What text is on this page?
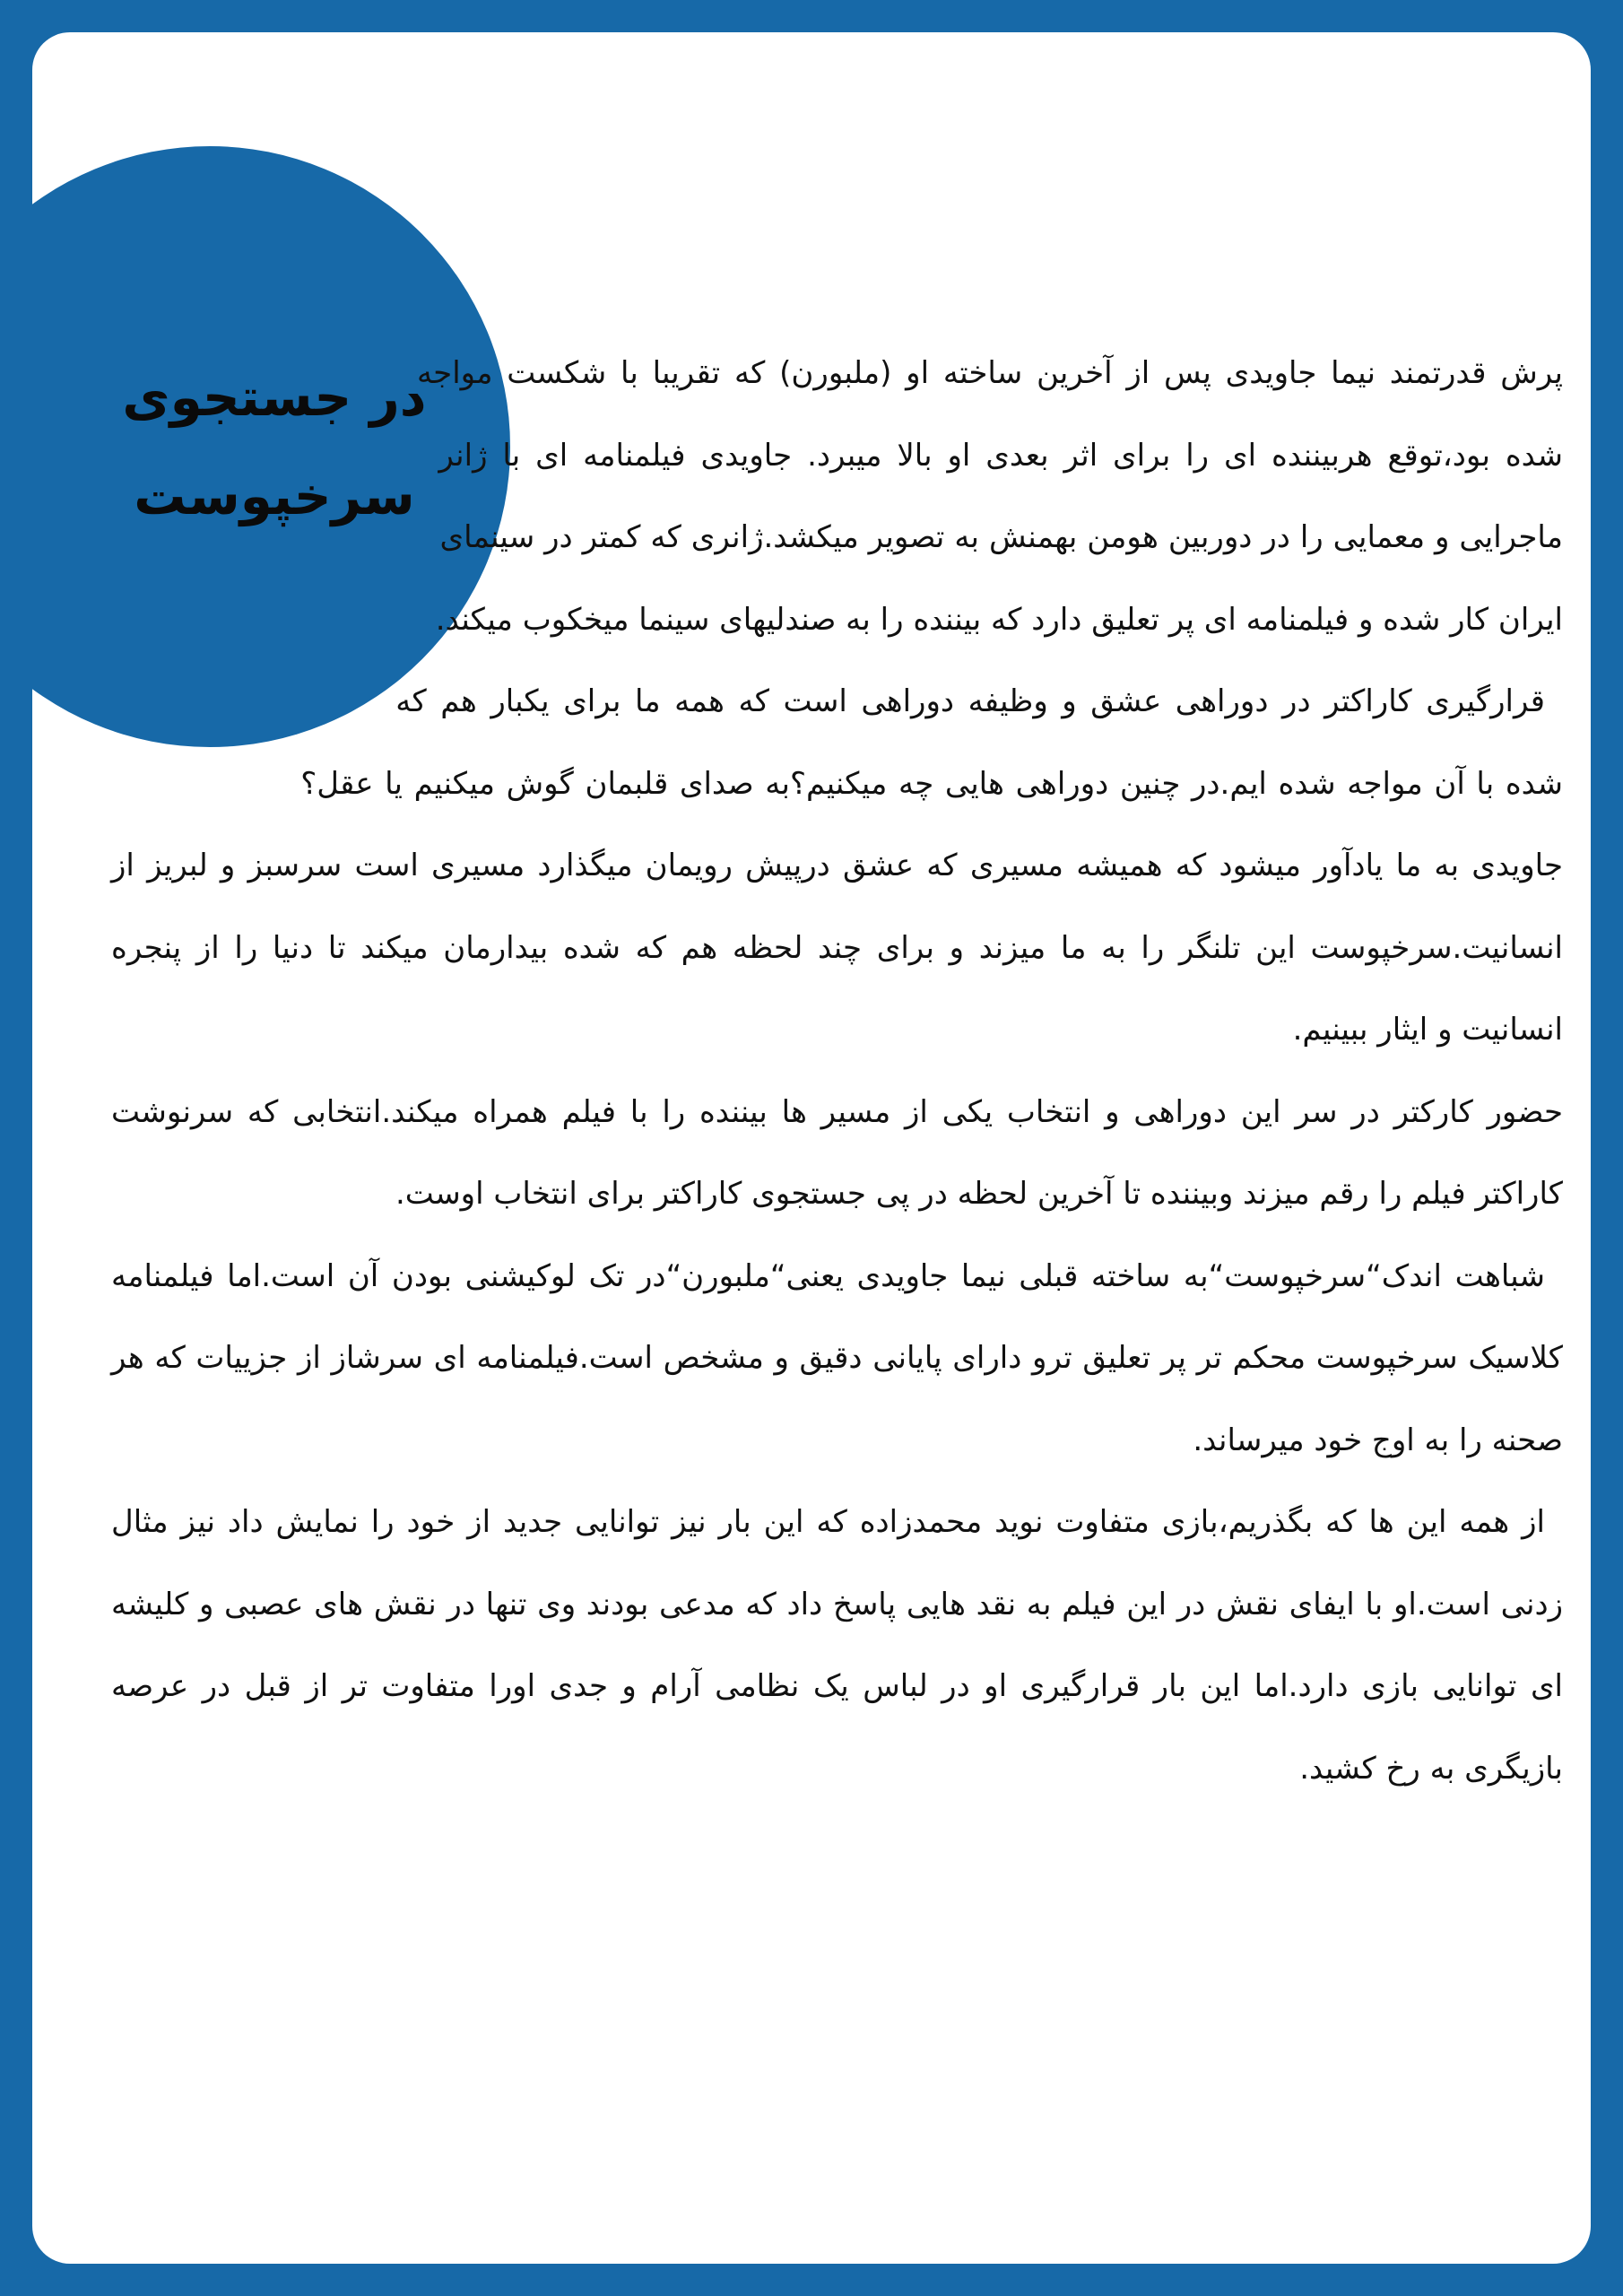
در جستجوی
سرخپوست

پرش قدرتمند نیما جاویدی پس از آخرین ساخته او (ملبورن) که تقریبا با شکست مواجه شده بود،توقع هربیننده ای را برای اثر بعدی او بالا میبرد. جاویدی فیلمنامه ای با ژانر ماجرایی و معمایی را در دوربین هومن بهمنش به تصویر میکشد.ژانری که کمتر در سینمای ایران کار شده و فیلمنامه ای پر تعلیق دارد که بیننده را به صندلیهای سینما میخکوب میکند.

قرارگیری کاراکتر در دوراهی عشق و وظیفه دوراهی است که همه ما برای یکبار هم که شده با آن مواجه شده ایم.در چنین دوراهی هایی چه میکنیم؟به صدای قلبمان گوش میکنیم یا عقل؟جاویدی به ما یادآور میشود که همیشه مسیری که عشق درپیش رویمان میگذارد مسیری است سرسبز و لبریز از انسانیت.سرخپوست این تلنگر را به ما میزند و برای چند لحظه هم که شده بیدارمان میکند تا دنیا را از پنجره انسانیت و ایثار ببینیم.

حضور کارکتر در سر این دوراهی و انتخاب یکی از مسیر ها بیننده را با فیلم همراه میکند.انتخابی که سرنوشت کاراکتر فیلم را رقم میزند وبیننده تا آخرین لحظه در پی جستجوی کاراکتر برای انتخاب اوست.

شباهت اندک“سرخپوست“به ساخته قبلی نیما جاویدی یعنی“ملبورن“در تک لوکیشنی بودن آن است.اما فیلمنامه کلاسیک سرخپوست محکم تر پر تعلیق ترو دارای پایانی دقیق و مشخص است.فیلمنامه ای سرشاز از جزییات که هر صحنه را به اوج خود میرساند.

از همه این ها که بگذریم،بازی متفاوت نوید محمدزاده که این بار نیز توانایی جدید از خود را نمایش داد نیز مثال زدنی است.او با ایفای نقش در این فیلم به نقد هایی پاسخ داد که مدعی بودند وی تنها در نقش های عصبی و کلیشه ای توانایی بازی دارد.اما این بار قرارگیری او در لباس یک نظامی آرام و جدی اورا متفاوت تر از قبل در عرصه بازیگری به رخ کشید.
